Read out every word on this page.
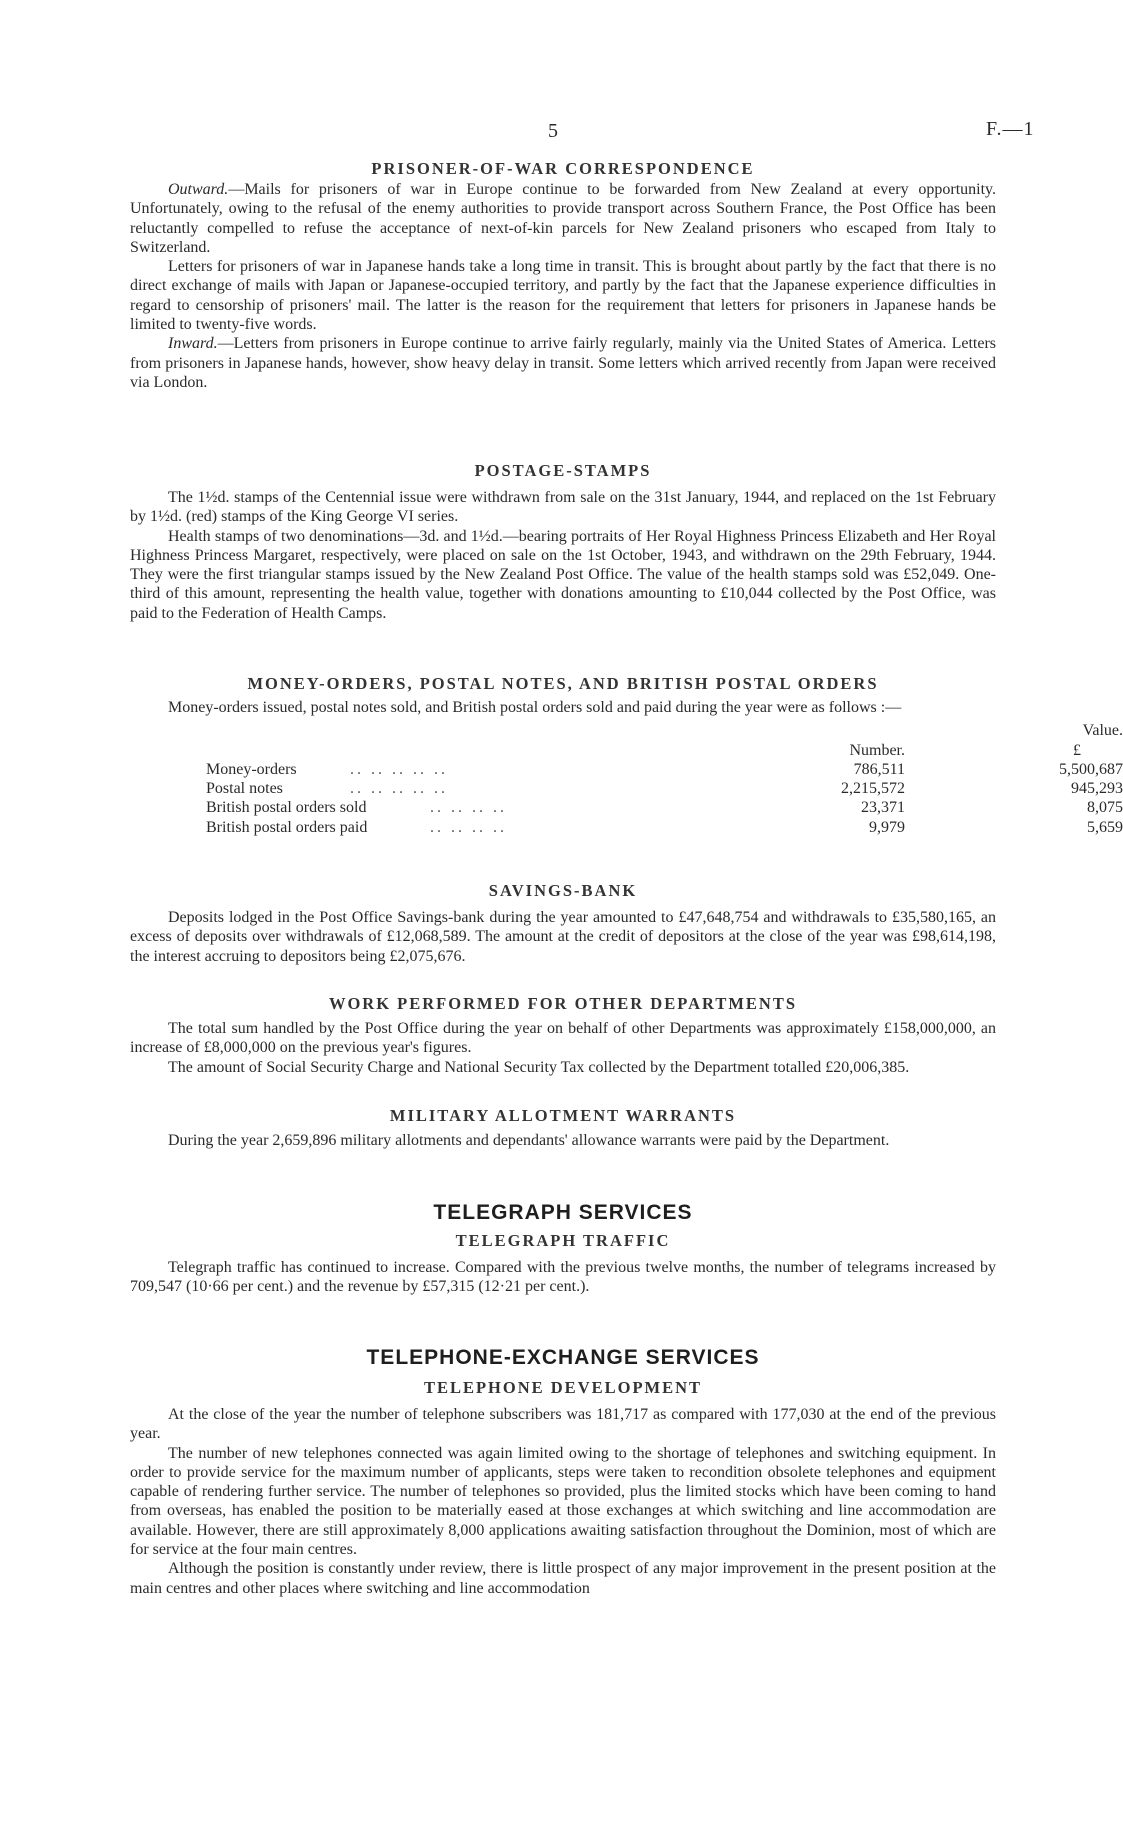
5	F.—1
PRISONER-OF-WAR CORRESPONDENCE

Outward.—Mails for prisoners of war in Europe continue to be forwarded from New Zealand at every opportunity. Unfortunately, owing to the refusal of the enemy authorities to provide transport across Southern France, the Post Office has been reluctantly compelled to refuse the acceptance of next-of-kin parcels for New Zealand prisoners who escaped from Italy to Switzerland.

Letters for prisoners of war in Japanese hands take a long time in transit. This is brought about partly by the fact that there is no direct exchange of mails with Japan or Japanese-occupied territory, and partly by the fact that the Japanese experience difficulties in regard to censorship of prisoners' mail. The latter is the reason for the requirement that letters for prisoners in Japanese hands be limited to twenty-five words.

Inward.—Letters from prisoners in Europe continue to arrive fairly regularly, mainly via the United States of America. Letters from prisoners in Japanese hands, however, show heavy delay in transit. Some letters which arrived recently from Japan were received via London.

POSTAGE-STAMPS

The 1½d. stamps of the Centennial issue were withdrawn from sale on the 31st January, 1944, and replaced on the 1st February by 1½d. (red) stamps of the King George VI series.

Health stamps of two denominations—3d. and 1½d.—bearing portraits of Her Royal Highness Princess Elizabeth and Her Royal Highness Princess Margaret, respectively, were placed on sale on the 1st October, 1943, and withdrawn on the 29th February, 1944. They were the first triangular stamps issued by the New Zealand Post Office. The value of the health stamps sold was £52,049. One-third of this amount, representing the health value, together with donations amounting to £10,044 collected by the Post Office, was paid to the Federation of Health Camps.

MONEY-ORDERS, POSTAL NOTES, AND BRITISH POSTAL ORDERS

Money-orders issued, postal notes sold, and British postal orders sold and paid during the year were as follows :—

Value.
Number.	£
Money-orders	.. .. .. .. ..	786,511	5,500,687
Postal notes	.. .. .. .. ..	2,215,572	945,293
British postal orders sold	.. .. .. ..	23,371	8,075
British postal orders paid	.. .. .. ..	9,979	5,659
SAVINGS-BANK

Deposits lodged in the Post Office Savings-bank during the year amounted to £47,648,754 and withdrawals to £35,580,165, an excess of deposits over withdrawals of £12,068,589. The amount at the credit of depositors at the close of the year was £98,614,198, the interest accruing to depositors being £2,075,676.

WORK PERFORMED FOR OTHER DEPARTMENTS

The total sum handled by the Post Office during the year on behalf of other Departments was approximately £158,000,000, an increase of £8,000,000 on the previous year's figures.

The amount of Social Security Charge and National Security Tax collected by the Department totalled £20,006,385.

MILITARY ALLOTMENT WARRANTS

During the year 2,659,896 military allotments and dependants' allowance warrants were paid by the Department.

TELEGRAPH SERVICES
TELEGRAPH TRAFFIC

Telegraph traffic has continued to increase. Compared with the previous twelve months, the number of telegrams increased by 709,547 (10·66 per cent.) and the revenue by £57,315 (12·21 per cent.).

TELEPHONE-EXCHANGE SERVICES
TELEPHONE DEVELOPMENT

At the close of the year the number of telephone subscribers was 181,717 as compared with 177,030 at the end of the previous year.

The number of new telephones connected was again limited owing to the shortage of telephones and switching equipment. In order to provide service for the maximum number of applicants, steps were taken to recondition obsolete telephones and equipment capable of rendering further service. The number of telephones so provided, plus the limited stocks which have been coming to hand from overseas, has enabled the position to be materially eased at those exchanges at which switching and line accommodation are available. However, there are still approximately 8,000 applications awaiting satisfaction throughout the Dominion, most of which are for service at the four main centres.

Although the position is constantly under review, there is little prospect of any major improvement in the present position at the main centres and other places where switching and line accommodation
